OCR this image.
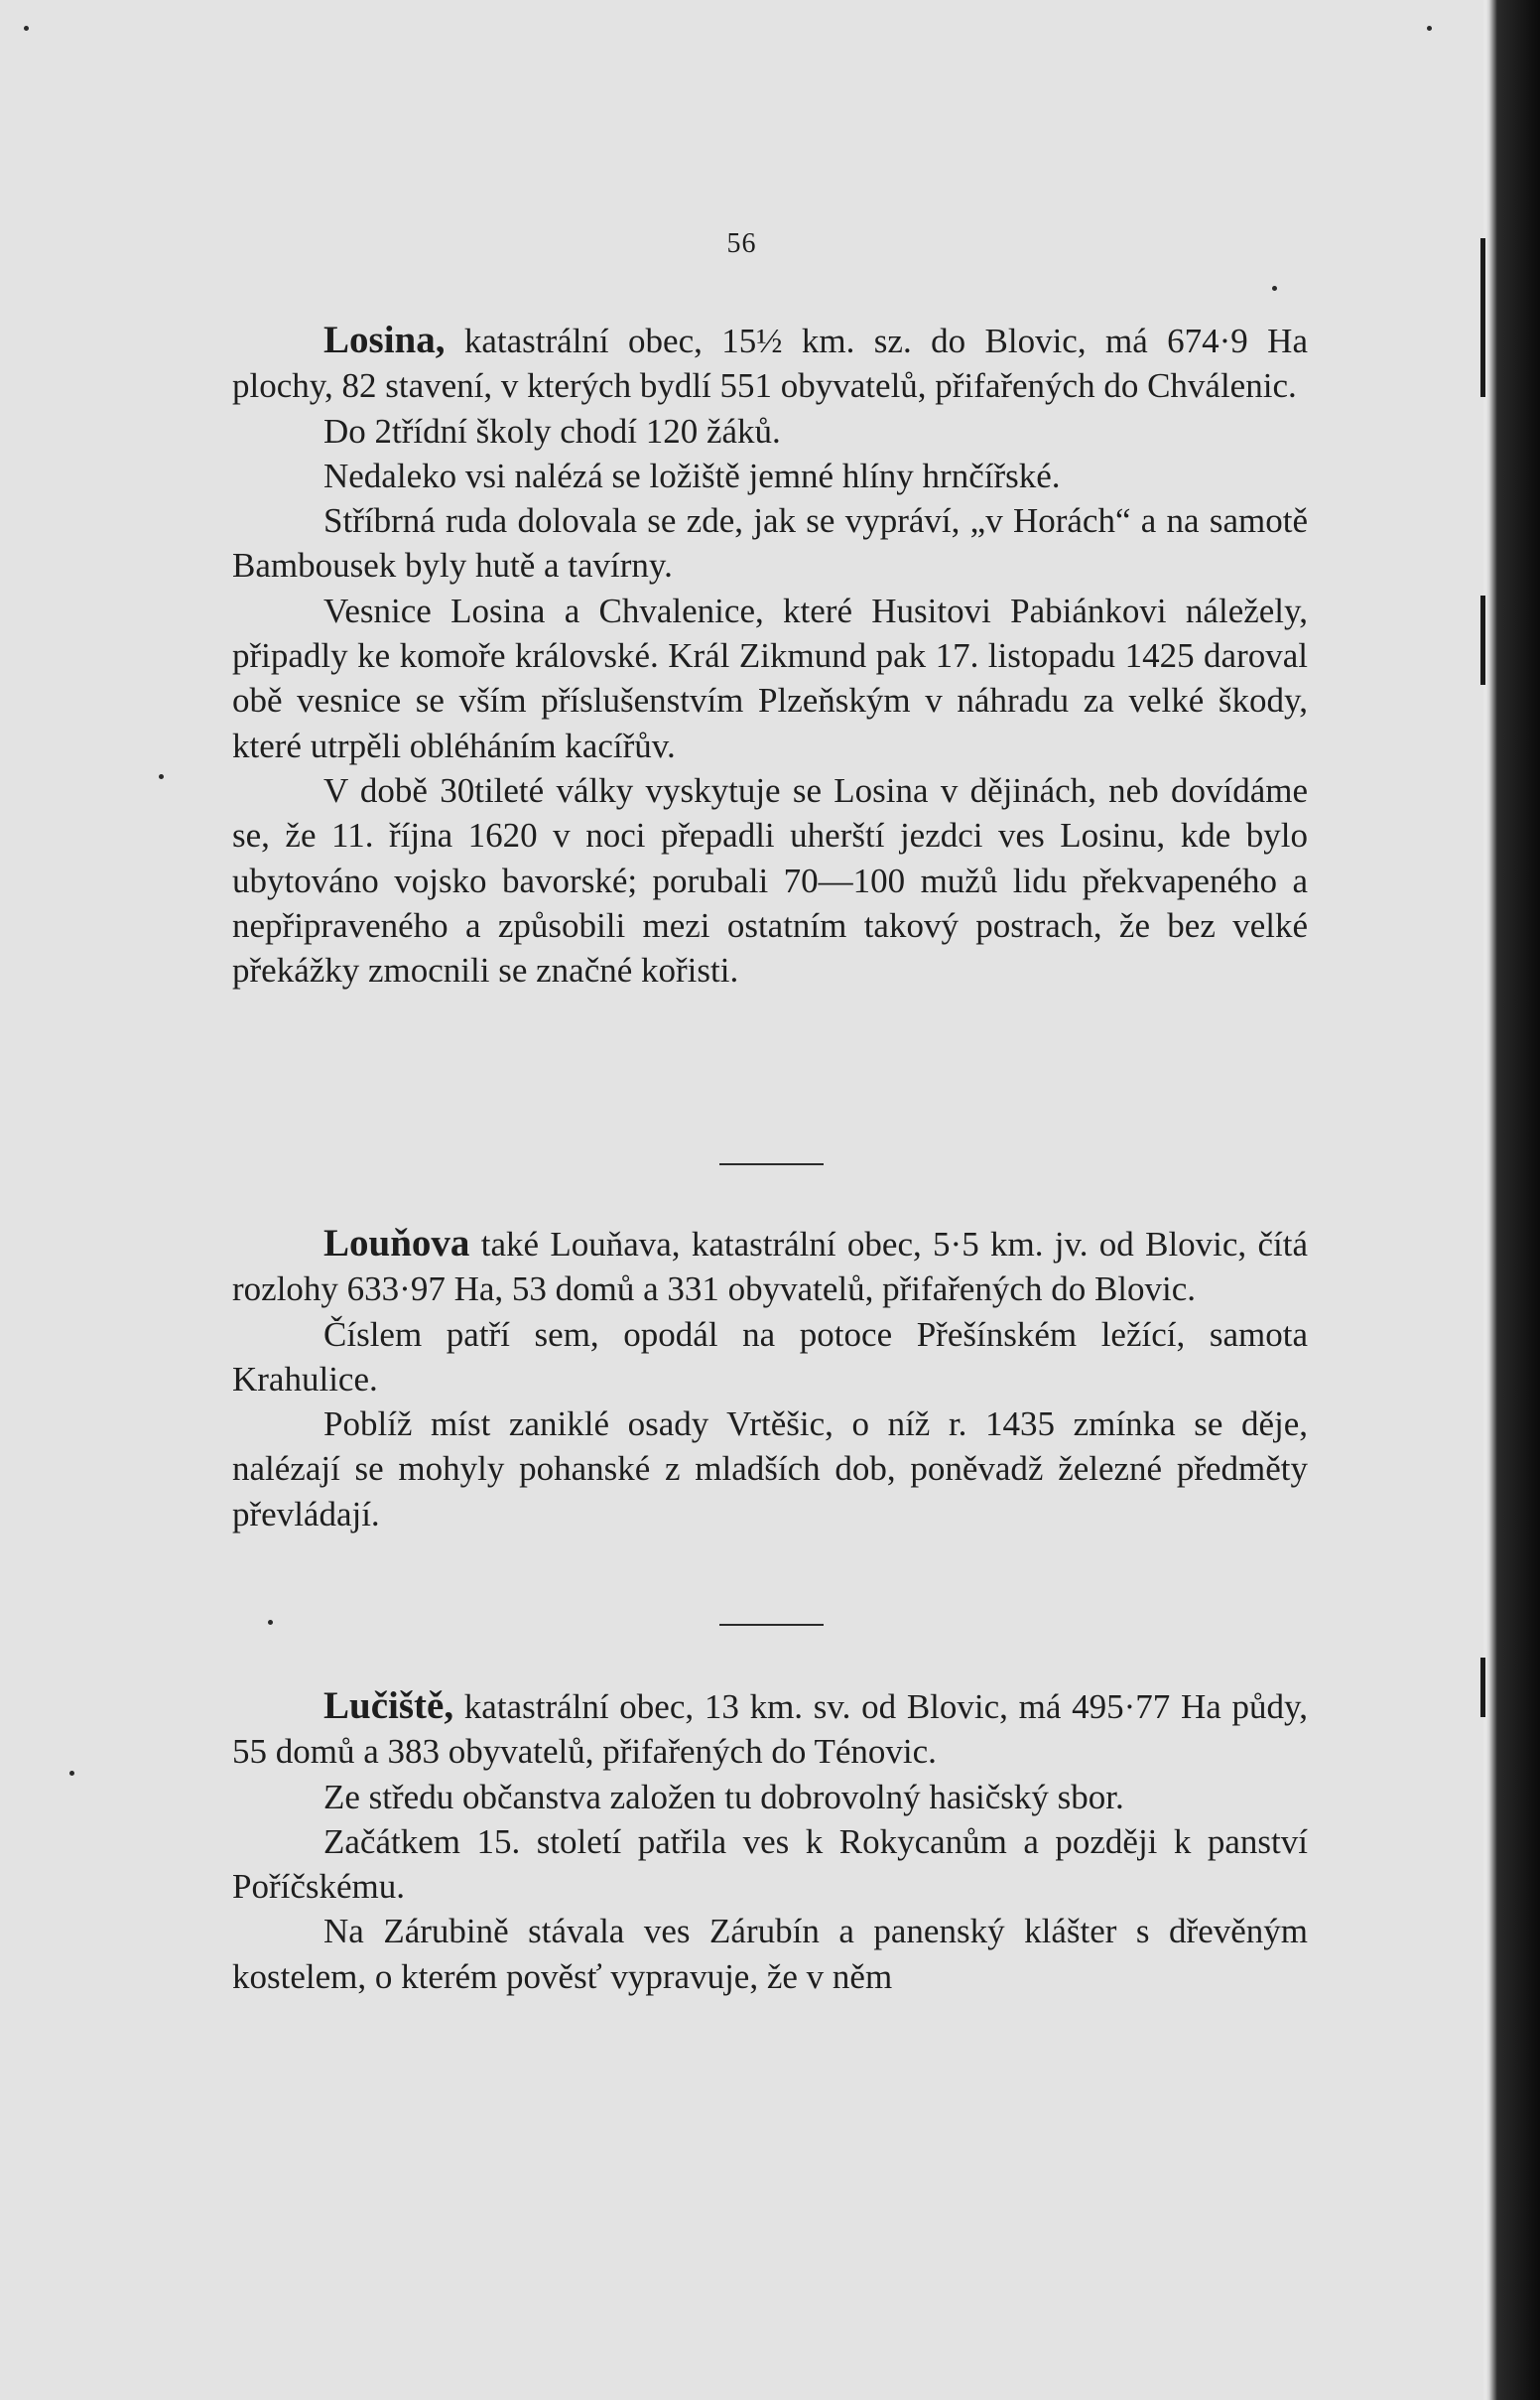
56

Losina, katastrální obec, 15½ km. sz. do Blovic, má 674·9 Ha plochy, 82 stavení, v kterých bydlí 551 obyvatelů, přifařených do Chválenic.

Do 2třídní školy chodí 120 žáků.

Nedaleko vsi nalézá se ložiště jemné hlíny hrnčířské.

Stříbrná ruda dolovala se zde, jak se vypráví, „v Horách“ a na samotě Bambousek byly hutě a tavírny.

Vesnice Losina a Chvalenice, které Husitovi Pabiánkovi náležely, připadly ke komoře královské. Král Zikmund pak 17. listopadu 1425 daroval obě vesnice se vším příslušenstvím Plzeňským v náhradu za velké škody, které utrpěli obléháním kacířův.

V době 30tileté války vyskytuje se Losina v dějinách, neb dovídáme se, že 11. října 1620 v noci přepadli uherští jezdci ves Losinu, kde bylo ubytováno vojsko bavorské; porubali 70—100 mužů lidu překvapeného a nepřipraveného a způsobili mezi ostatním takový postrach, že bez velké překážky zmocnili se značné kořisti.

Louňova také Louňava, katastrální obec, 5·5 km. jv. od Blovic, čítá rozlohy 633·97 Ha, 53 domů a 331 obyvatelů, přifařených do Blovic.

Číslem patří sem, opodál na potoce Přešínském ležící, samota Krahulice.

Poblíž míst zaniklé osady Vrtěšic, o níž r. 1435 zmínka se děje, nalézají se mohyly pohanské z mladších dob, poněvadž železné předměty převládají.

Lučiště, katastrální obec, 13 km. sv. od Blovic, má 495·77 Ha půdy, 55 domů a 383 obyvatelů, přifařených do Ténovic.

Ze středu občanstva založen tu dobrovolný hasičský sbor.

Začátkem 15. století patřila ves k Rokycanům a později k panství Poříčskému.

Na Zárubině stávala ves Zárubín a panenský klášter s dřevěným kostelem, o kterém pověsť vypravuje, že v něm
